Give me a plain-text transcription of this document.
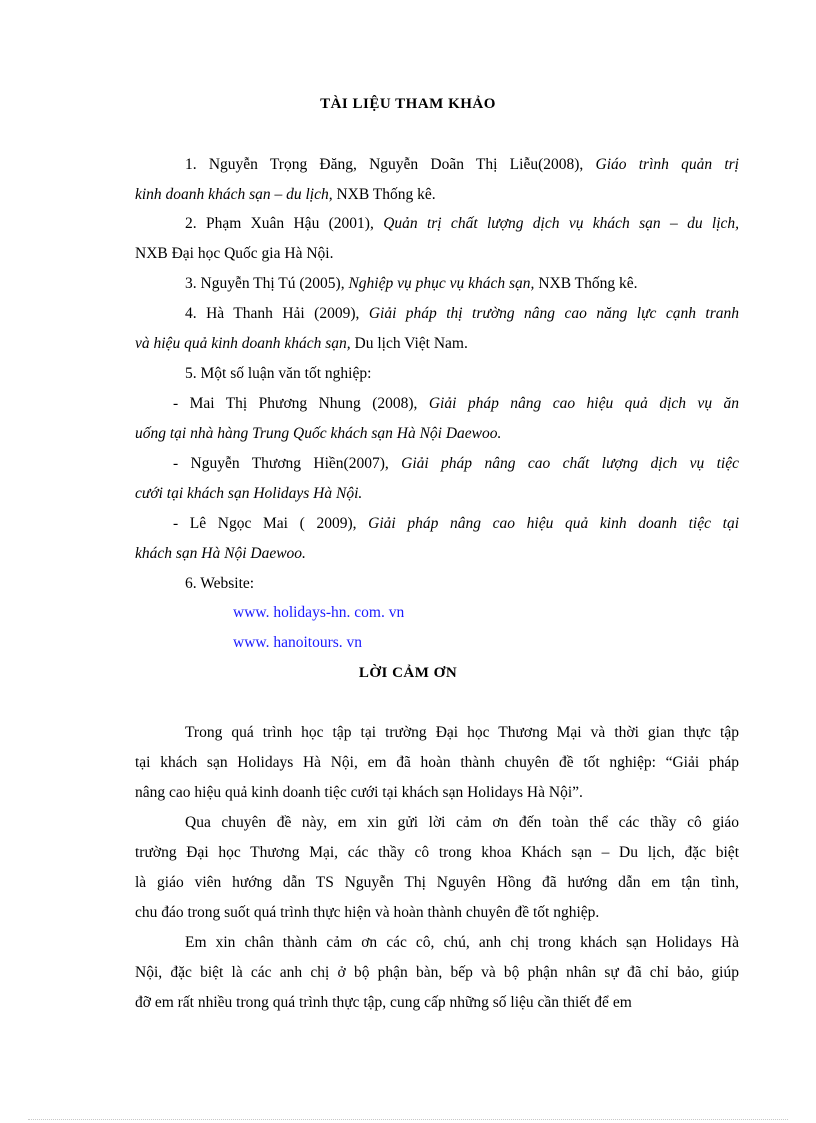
TÀI LIỆU THAM KHẢO
1. Nguyễn Trọng Đăng, Nguyễn Doãn Thị Liễu(2008), Giáo trình quản trị
kinh doanh khách sạn – du lịch, NXB Thống kê.
2. Phạm Xuân Hậu (2001), Quản trị chất lượng dịch vụ khách sạn – du lịch,
NXB Đại học Quốc gia Hà Nội.
3. Nguyễn Thị Tú (2005), Nghiệp vụ phục vụ khách sạn, NXB Thống kê.
4. Hà Thanh Hải (2009), Giải pháp thị trường nâng cao năng lực cạnh tranh
và hiệu quả kinh doanh khách sạn, Du lịch Việt Nam.
5. Một số luận văn tốt nghiệp:
- Mai Thị Phương Nhung (2008), Giải pháp nâng cao hiệu quả dịch vụ ăn
uống tại nhà hàng Trung Quốc khách sạn Hà Nội Daewoo.
- Nguyễn Thương Hiền(2007), Giải pháp nâng cao chất lượng dịch vụ tiệc
cưới tại khách sạn Holidays Hà Nội.
- Lê Ngọc Mai ( 2009), Giải pháp nâng cao hiệu quả kinh doanh tiệc tại
khách sạn Hà Nội Daewoo.
6. Website:
www. holidays-hn. com. vn
www. hanoitours. vn
LỜI CẢM ƠN
Trong quá trình học tập tại trường Đại học Thương Mại và thời gian thực tập
tại khách sạn Holidays Hà Nội, em đã hoàn thành chuyên đề tốt nghiệp: “Giải pháp
nâng cao hiệu quả kinh doanh tiệc cưới tại khách sạn Holidays Hà Nội”.
Qua chuyên đề này, em xin gửi lời cảm ơn đến toàn thể các thầy cô giáo
trường Đại học Thương Mại, các thầy cô trong khoa Khách sạn – Du lịch, đặc biệt
là giáo viên hướng dẫn TS Nguyễn Thị Nguyên Hồng đã hướng dẫn em tận tình,
chu đáo trong suốt quá trình thực hiện và hoàn thành chuyên đề tốt nghiệp.
Em xin chân thành cảm ơn các cô, chú, anh chị trong khách sạn Holidays Hà
Nội, đặc biệt là các anh chị ở bộ phận bàn, bếp và bộ phận nhân sự đã chỉ bảo, giúp
đỡ em rất nhiều trong quá trình thực tập, cung cấp những số liệu cần thiết để em
